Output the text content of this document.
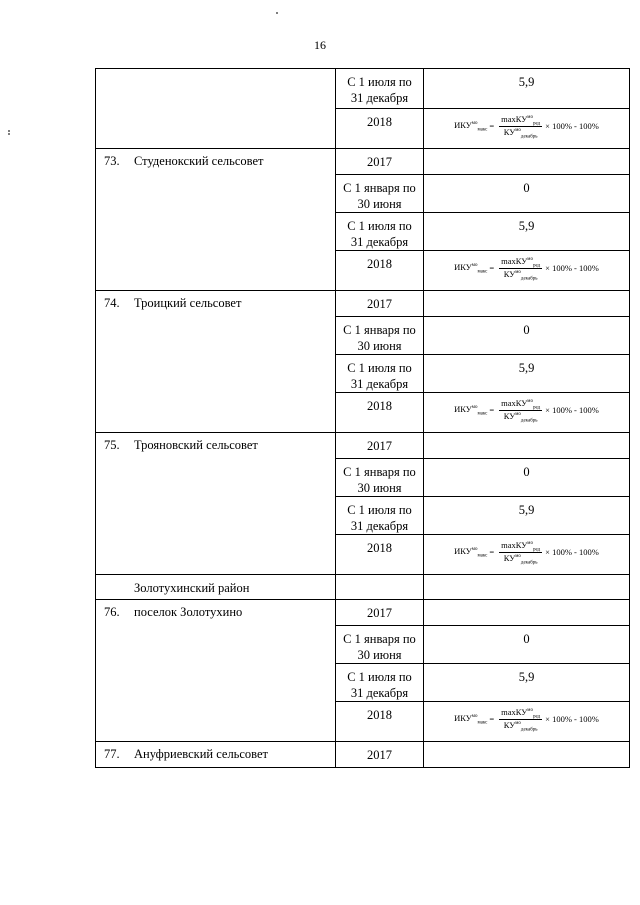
16

	С 1 июля по 31 декабря	5,9

	2018	$ИКУ^{мо}_{макс} = \frac{\max КУ^{мо}_{ред}}{КУ^{мо}_{декабрь}} \times 100\% - 100\%$

73. Студенокский сельсовет	2017	

	С 1 января по 30 июня	0

	С 1 июля по 31 декабря	5,9

	2018	$ИКУ^{мо}_{макс} = \frac{\max КУ^{мо}_{ред}}{КУ^{мо}_{декабрь}} \times 100\% - 100\%$

74. Троицкий сельсовет	2017	

	С 1 января по 30 июня	0

	С 1 июля по 31 декабря	5,9

	2018	$ИКУ^{мо}_{макс} = \frac{\max КУ^{мо}_{ред}}{КУ^{мо}_{декабрь}} \times 100\% - 100\%$

75. Трояновский сельсовет	2017	

	С 1 января по 30 июня	0

	С 1 июля по 31 декабря	5,9

	2018	$ИКУ^{мо}_{макс} = \frac{\max КУ^{мо}_{ред}}{КУ^{мо}_{декабрь}} \times 100\% - 100\%$

Золотухинский район		

76. поселок Золотухино	2017	

	С 1 января по 30 июня	0

	С 1 июля по 31 декабря	5,9

	2018	$ИКУ^{мо}_{макс} = \frac{\max КУ^{мо}_{ред}}{КУ^{мо}_{декабрь}} \times 100\% - 100\%$

77. Ануфриевский сельсовет	2017	
